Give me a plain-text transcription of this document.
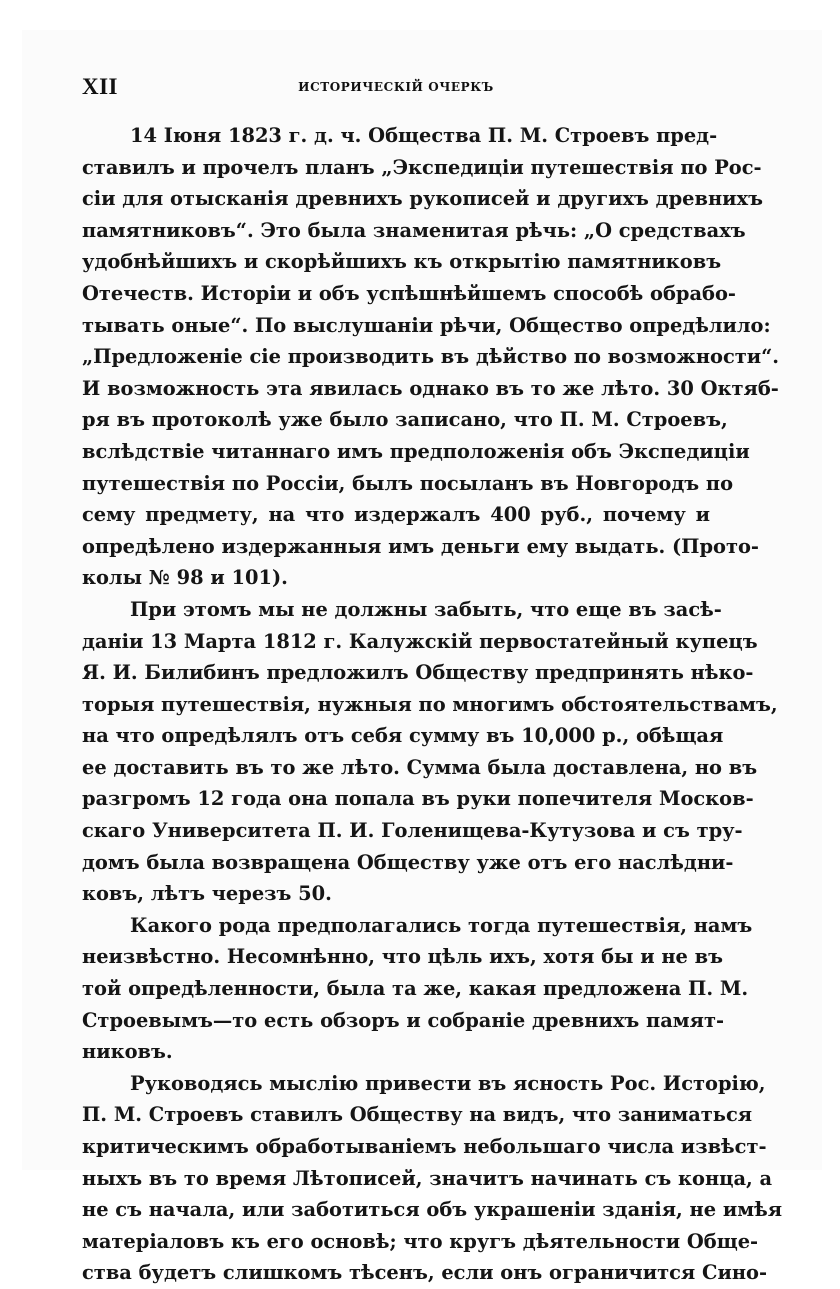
XII	ИСТОРИЧЕСКІЙ ОЧЕРКЪ
14 Іюня 1823 г. д. ч. Общества П. М. Строевъ пред-
ставилъ и прочелъ планъ „Экспедиціи путешествія по Рос-
сіи для отысканія древнихъ рукописей и другихъ древнихъ
памятниковъ“. Это была знаменитая рѣчь: „О средствахъ
удобнѣйшихъ и скорѣйшихъ къ открытію памятниковъ
Отечеств. Исторіи и объ успѣшнѣйшемъ способѣ обрабо-
тывать оные“. По выслушаніи рѣчи, Общество опредѣлило:
„Предложеніе сіе производить въ дѣйство по возможности“.
И возможность эта явилась однако въ то же лѣто. 30 Октяб-
ря въ протоколѣ уже было записано, что П. М. Строевъ,
вслѣдствіе читаннаго имъ предположенія объ Экспедиціи
путешествія по Россіи, былъ посыланъ въ Новгородъ по
сему предмету, на что издержалъ 400 руб., почему и
опредѣлено издержанныя имъ деньги ему выдать. (Прото-
колы № 98 и 101).
При этомъ мы не должны забыть, что еще въ засѣ-
даніи 13 Марта 1812 г. Калужскій первостатейный купецъ
Я. И. Билибинъ предложилъ Обществу предпринять нѣко-
торыя путешествія, нужныя по многимъ обстоятельствамъ,
на что опредѣлялъ отъ себя сумму въ 10,000 р., обѣщая
ее доставить въ то же лѣто. Сумма была доставлена, но въ
разгромъ 12 года она попала въ руки попечителя Москов-
скаго Университета П. И. Голенищева-Кутузова и съ тру-
домъ была возвращена Обществу уже отъ его наслѣдни-
ковъ, лѣтъ черезъ 50.
Какого рода предполагались тогда путешествія, намъ
неизвѣстно. Несомнѣнно, что цѣль ихъ, хотя бы и не въ
той опредѣленности, была та же, какая предложена П. М.
Строевымъ—то есть обзоръ и собраніе древнихъ памят-
никовъ.
Руководясь мыслію привести въ ясность Рос. Исторію,
П. М. Строевъ ставилъ Обществу на видъ, что заниматься
критическимъ обработываніемъ небольшаго числа извѣст-
ныхъ въ то время Лѣтописей, значитъ начинать съ конца, а
не съ начала, или заботиться объ украшеніи зданія, не имѣя
матеріаловъ къ его основѣ; что кругъ дѣятельности Обще-
ства будетъ слишкомъ тѣсенъ, если онъ ограничится Сино-
